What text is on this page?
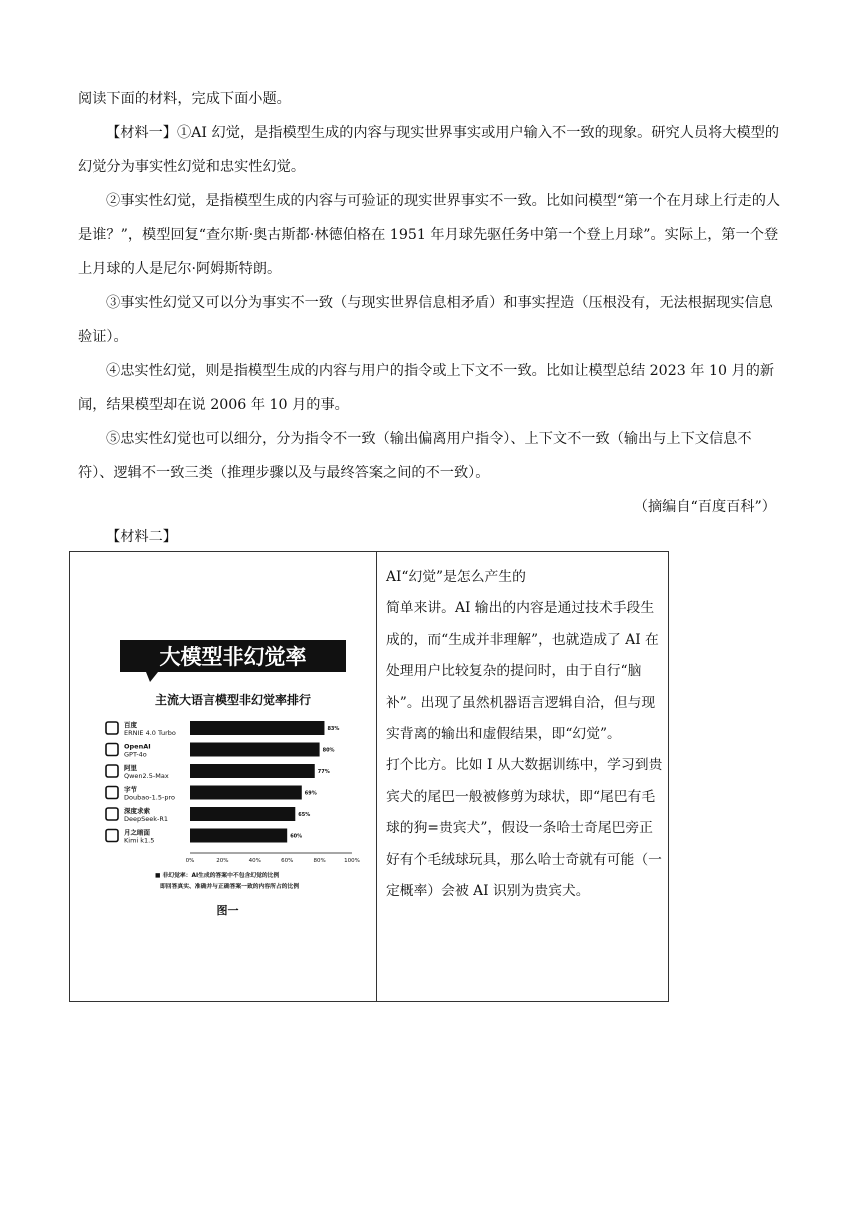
阅读下面的材料，完成下面小题。

【材料一】①AI 幻觉，是指模型生成的内容与现实世界事实或用户输入不一致的现象。研究人员将大模型的幻觉分为事实性幻觉和忠实性幻觉。

②事实性幻觉，是指模型生成的内容与可验证的现实世界事实不一致。比如问模型“第一个在月球上行走的人是谁？”，模型回复“查尔斯·奥古斯都·林德伯格在 1951 年月球先驱任务中第一个登上月球”。实际上，第一个登上月球的人是尼尔·阿姆斯特朗。

③事实性幻觉又可以分为事实不一致（与现实世界信息相矛盾）和事实捏造（压根没有，无法根据现实信息验证）。

④忠实性幻觉，则是指模型生成的内容与用户的指令或上下文不一致。比如让模型总结 2023 年 10 月的新闻，结果模型却在说 2006 年 10 月的事。

⑤忠实性幻觉也可以细分，分为指令不一致（输出偏离用户指令）、上下文不一致（输出与上下文信息不符）、逻辑不一致三类（推理步骤以及与最终答案之间的不一致）。

（摘编自“百度百科”）
【材料二】
大模型非幻觉率
主流大语言模型非幻觉率排行
百度
ERNIE 4.0 Turbo	83%
OpenAI
GPT-4o	80%
阿里
Qwen2.5-Max	77%
字节
Doubao-1.5-pro	69%
深度求索
DeepSeek-R1	65%
月之暗面
Kimi k1.5	60%
0%	20%	40%	60%	80%	100%
■ 非幻觉率：AI生成的答案中不包含幻觉的比例
即回答真实、准确并与正确答案一致的内容所占的比例
图一

AI“幻觉”是怎么产生的

简单来讲。AI 输出的内容是通过技术手段生成的，而“生成并非理解”，也就造成了 AI 在处理用户比较复杂的提问时，由于自行“脑补”。出现了虽然机器语言逻辑自洽，但与现实背离的输出和虚假结果，即“幻觉”。

打个比方。比如 I 从大数据训练中，学习到贵宾犬的尾巴一般被修剪为球状，即“尾巴有毛球的狗=贵宾犬”，假设一条哈士奇尾巴旁正好有个毛绒球玩具，那么哈士奇就有可能（一定概率）会被 AI 识别为贵宾犬。
